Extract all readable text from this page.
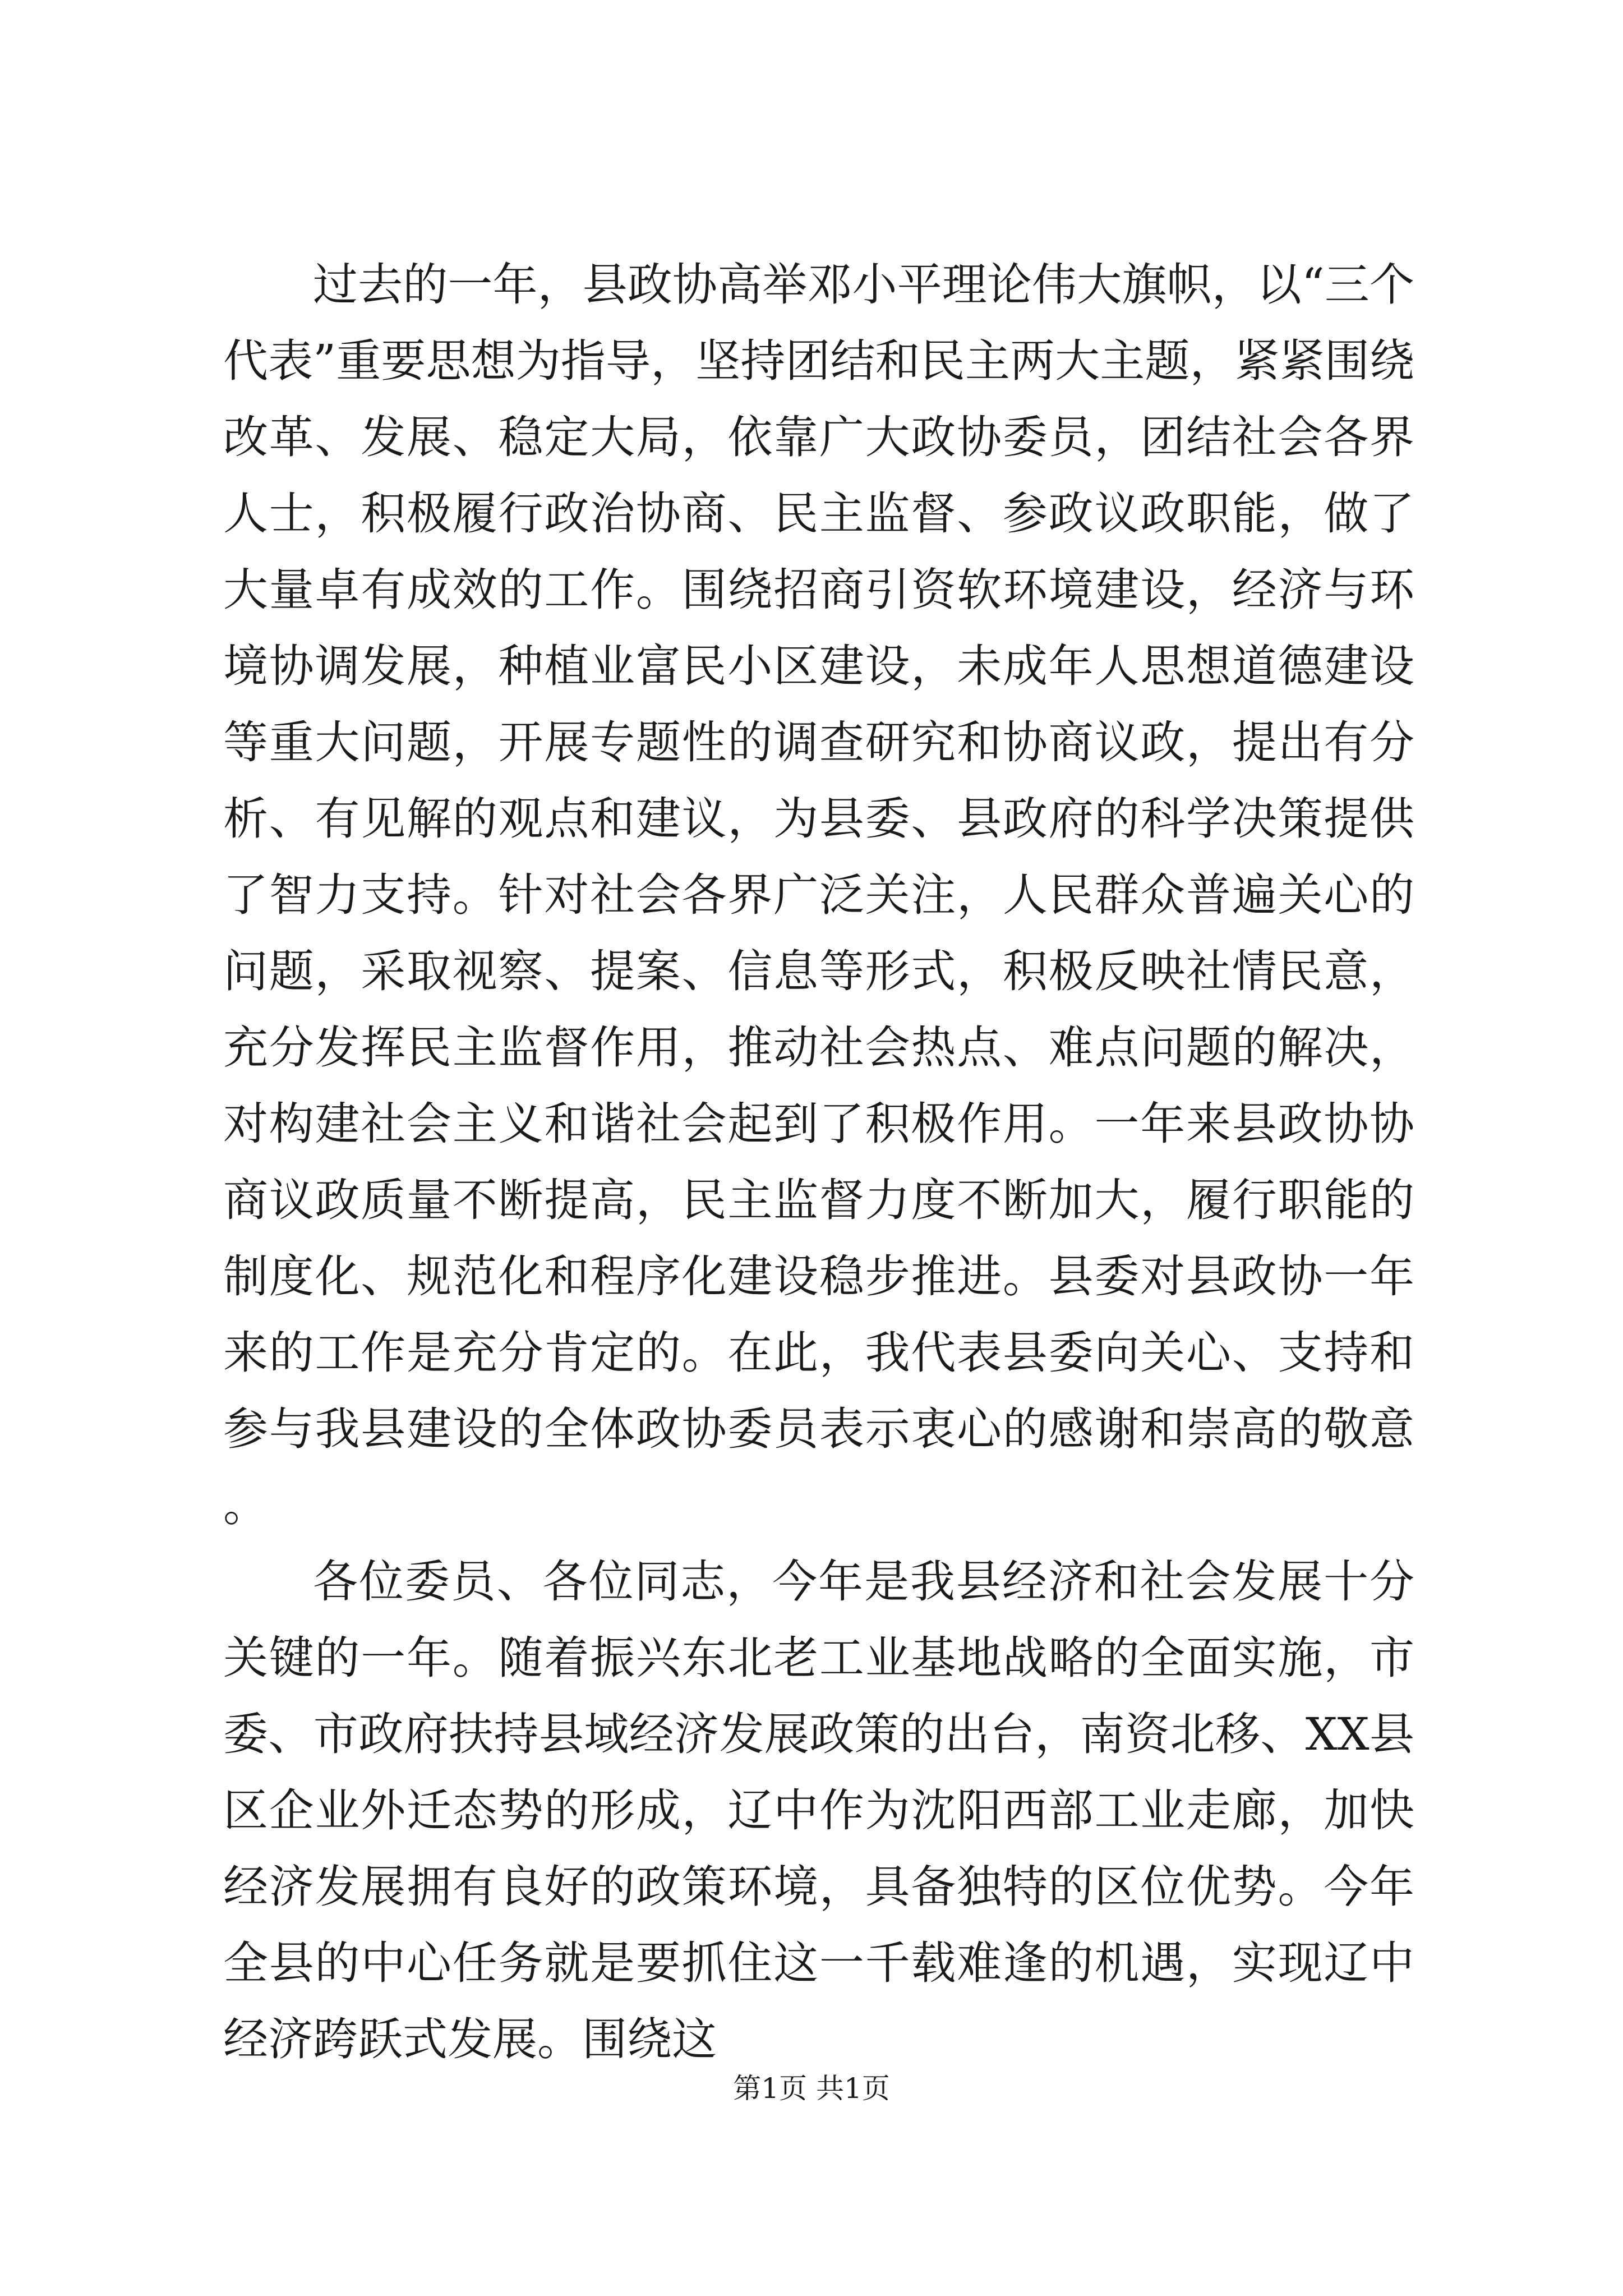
过去的一年，县政协高举邓小平理论伟大旗帜，以“三个代表”重要思想为指导，坚持团结和民主两大主题，紧紧围绕改革、发展、稳定大局，依靠广大政协委员，团结社会各界人士，积极履行政治协商、民主监督、参政议政职能，做了大量卓有成效的工作。围绕招商引资软环境建设，经济与环境协调发展，种植业富民小区建设，未成年人思想道德建设等重大问题，开展专题性的调查研究和协商议政，提出有分析、有见解的观点和建议，为县委、县政府的科学决策提供了智力支持。针对社会各界广泛关注，人民群众普遍关心的问题，采取视察、提案、信息等形式，积极反映社情民意，充分发挥民主监督作用，推动社会热点、难点问题的解决，对构建社会主义和谐社会起到了积极作用。一年来县政协协商议政质量不断提高，民主监督力度不断加大，履行职能的制度化、规范化和程序化建设稳步推进。县委对县政协一年来的工作是充分肯定的。在此，我代表县委向关心、支持和参与我县建设的全体政协委员表示衷心的感谢和崇高的敬意。

各位委员、各位同志，今年是我县经济和社会发展十分关键的一年。随着振兴东北老工业基地战略的全面实施，市委、市政府扶持县域经济发展政策的出台，南资北移、XX县区企业外迁态势的形成，辽中作为沈阳西部工业走廊，加快经济发展拥有良好的政策环境，具备独特的区位优势。今年全县的中心任务就是要抓住这一千载难逢的机遇，实现辽中经济跨跃式发展。围绕这

第1页 共1页
